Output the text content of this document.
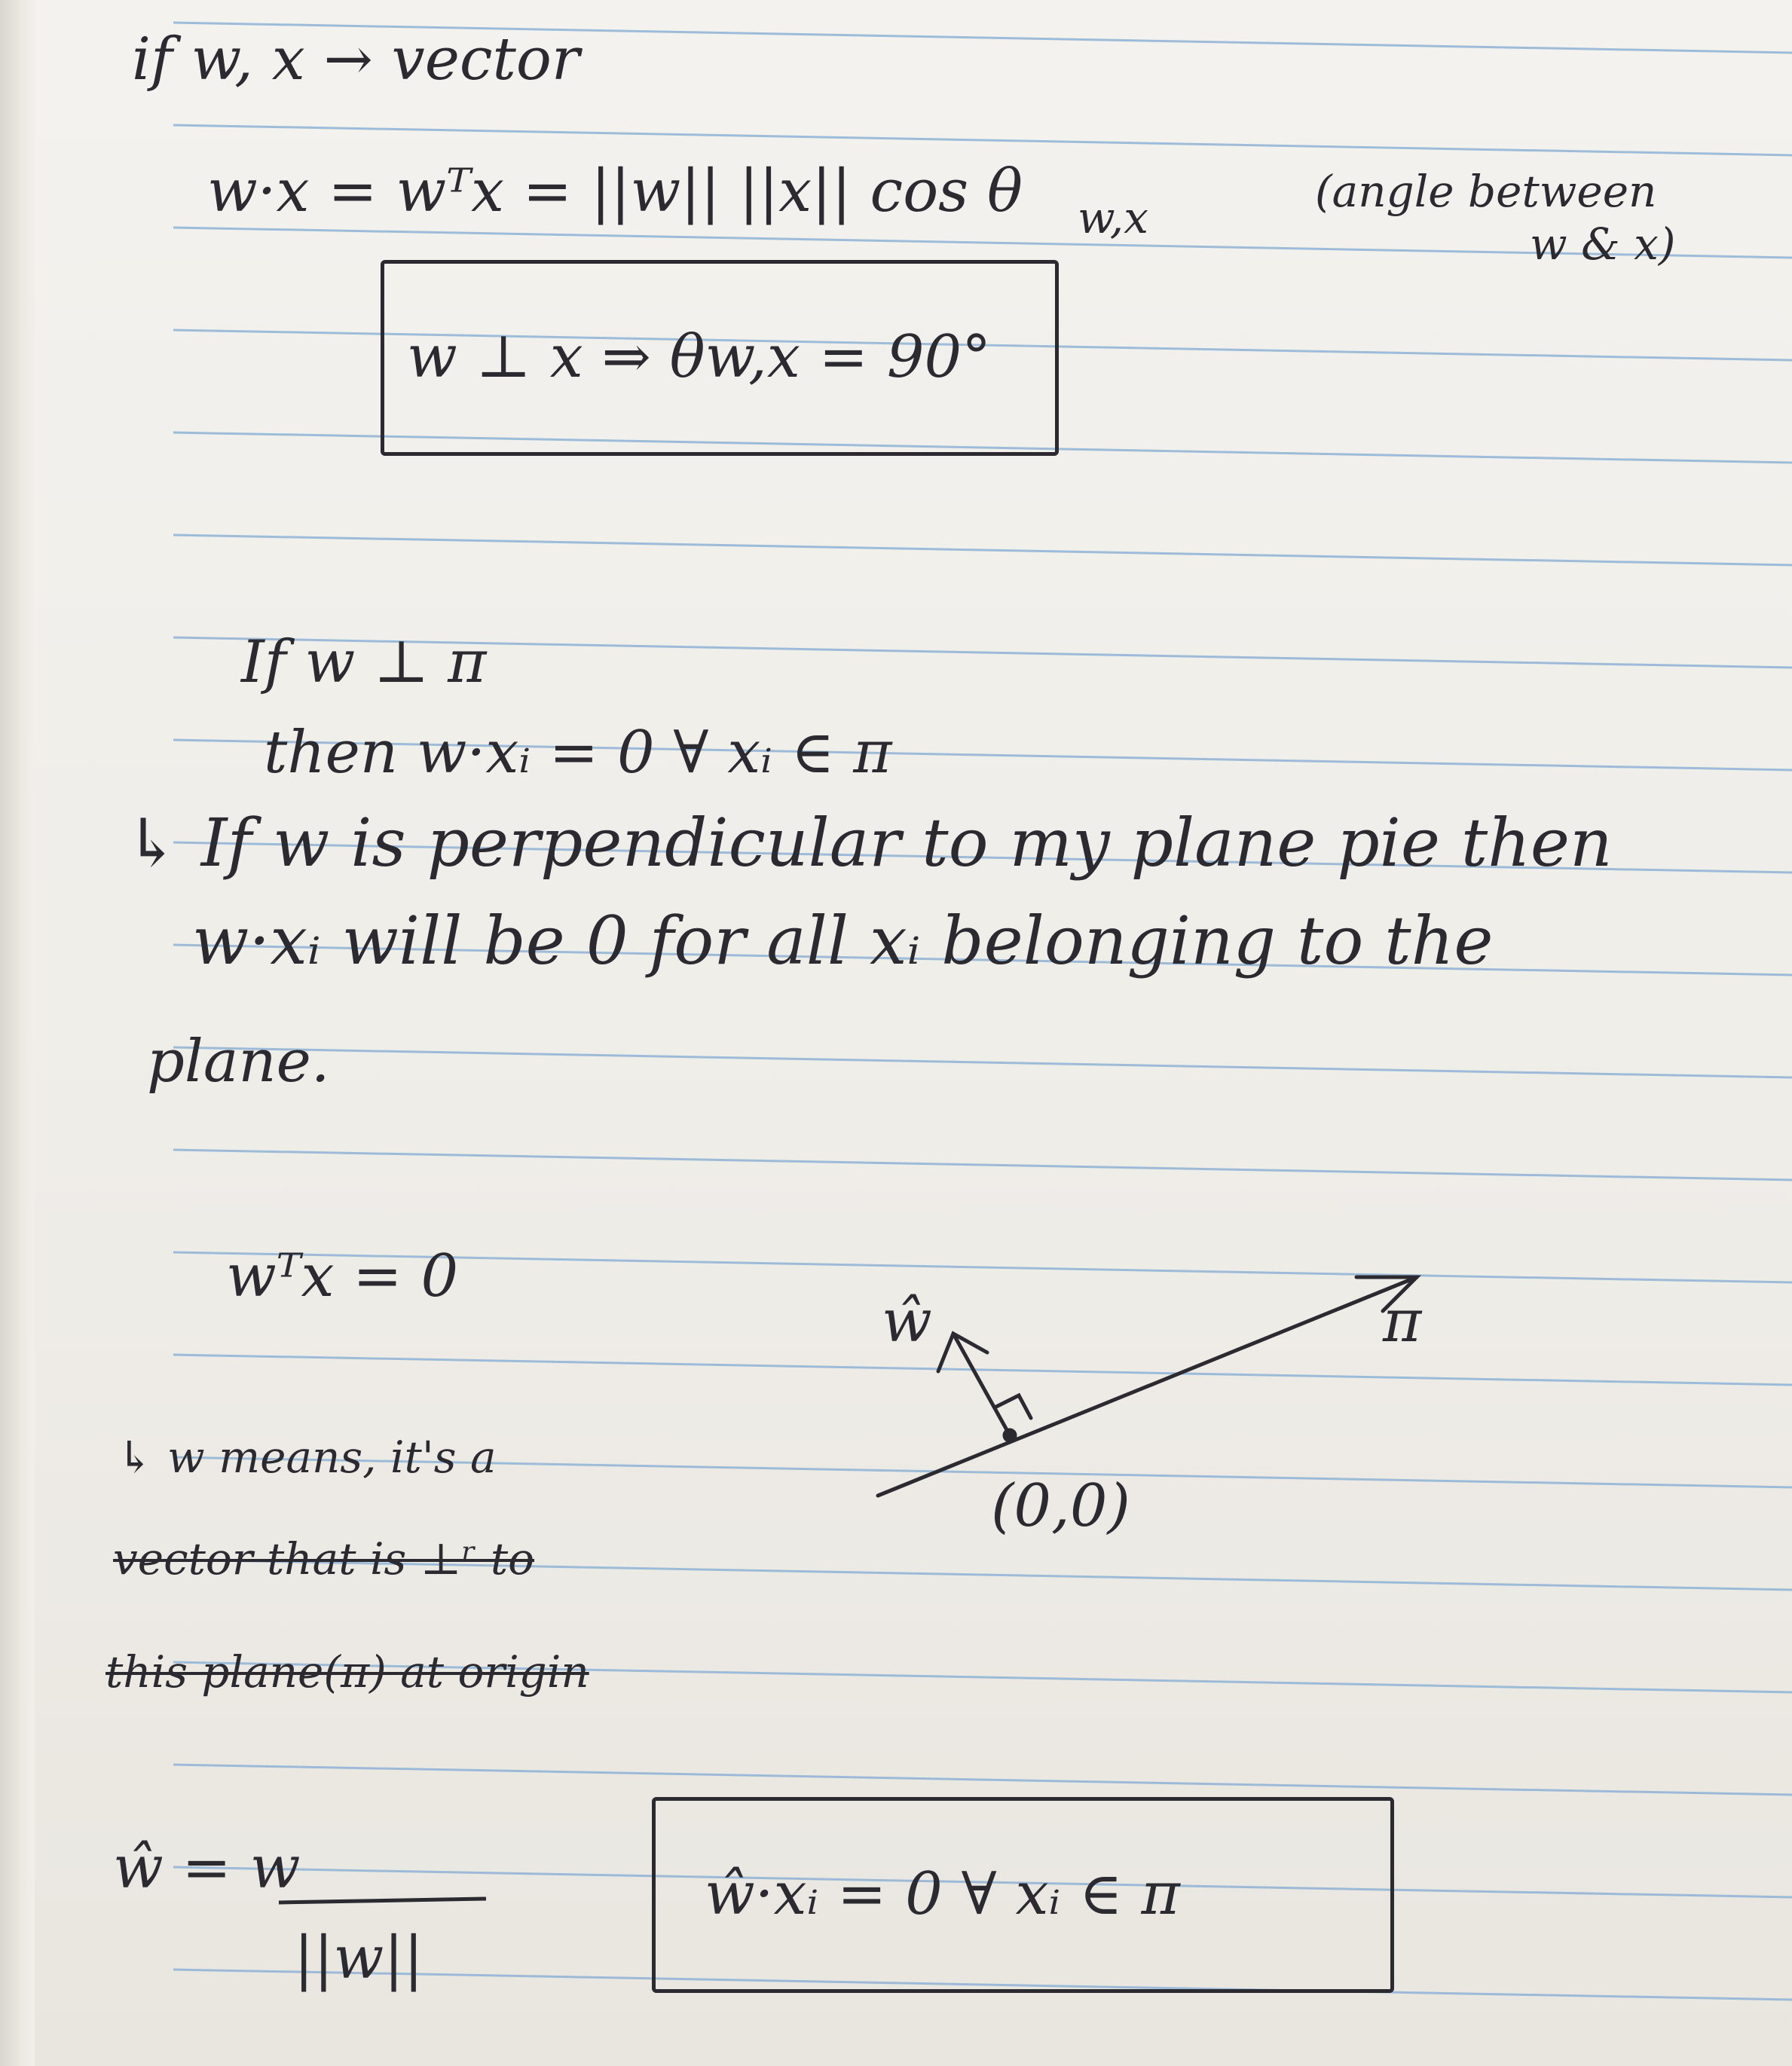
if w, x → vector
w·x = wᵀx = ||w|| ||x|| cos θ w,x
(angle between
w & x)
w ⊥ x ⇒ θw,x = 90°
If w ⊥ π
then w·xᵢ = 0 ∀ xᵢ ∈ π
↳ If w is perpendicular to my plane pie then
w·xᵢ will be 0 for all xᵢ belonging to the
plane.
wᵀx = 0
↳ w means, it's a
vector that is ⊥ʳ to
this plane(π) at origin
ŵ = w
||w||
ŵ·xᵢ = 0 ∀ xᵢ ∈ π
ŵ	π
(0,0)
